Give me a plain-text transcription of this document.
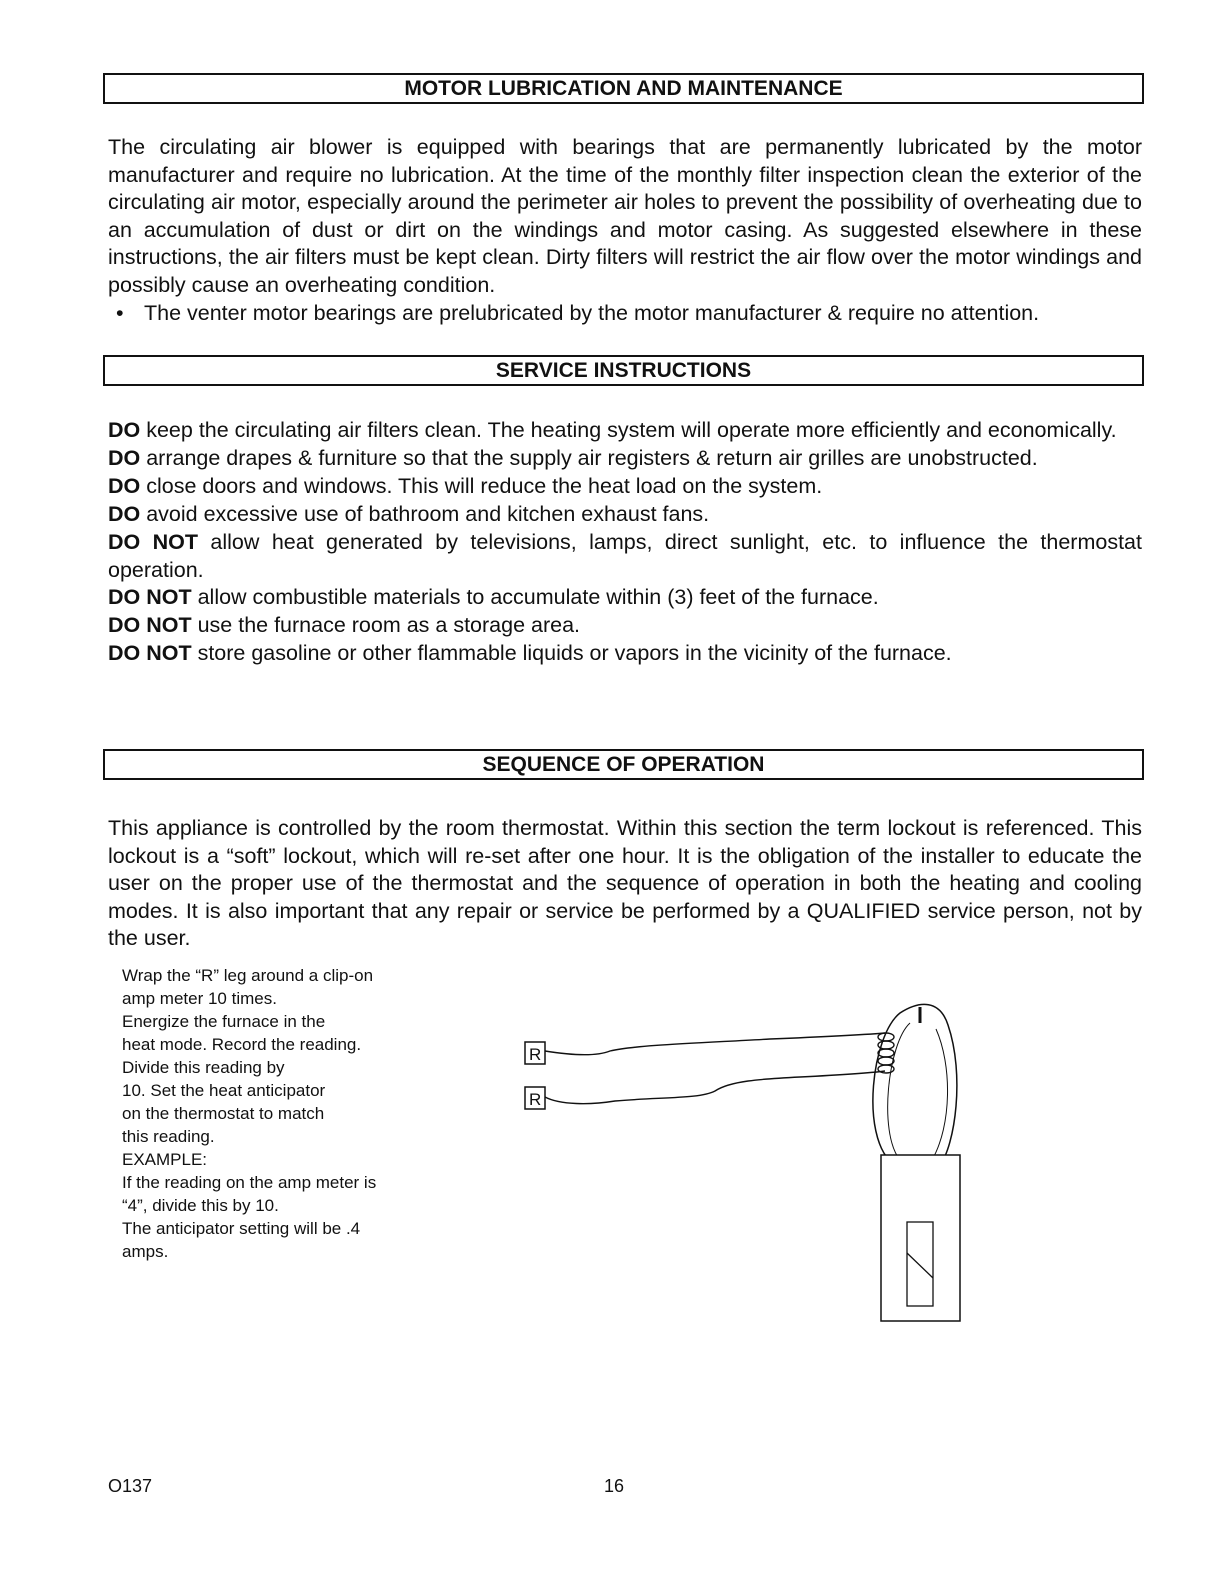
MOTOR LUBRICATION AND MAINTENANCE
The circulating air blower is equipped with bearings that are permanently lubricated by the motor manufacturer and require no lubrication. At the time of the monthly filter inspection clean the exterior of the circulating air motor, especially around the perimeter air holes to prevent the possibility of overheating due to an accumulation of dust or dirt on the windings and motor casing. As suggested elsewhere in these instructions, the air filters must be kept clean. Dirty filters will restrict the air flow over the motor windings and possibly cause an overheating condition.
• The venter motor bearings are prelubricated by the motor manufacturer & require no attention.
SERVICE INSTRUCTIONS
DO keep the circulating air filters clean. The heating system will operate more efficiently and economically.
DO arrange drapes & furniture so that the supply air registers & return air grilles are unobstructed.
DO close doors and windows. This will reduce the heat load on the system.
DO avoid excessive use of bathroom and kitchen exhaust fans.
DO NOT allow heat generated by televisions, lamps, direct sunlight, etc. to influence the thermostat operation.
DO NOT allow combustible materials to accumulate within (3) feet of the furnace.
DO NOT use the furnace room as a storage area.
DO NOT store gasoline or other flammable liquids or vapors in the vicinity of the furnace.
SEQUENCE OF OPERATION
This appliance is controlled by the room thermostat. Within this section the term lockout is referenced. This lockout is a “soft” lockout, which will re-set after one hour. It is the obligation of the installer to educate the user on the proper use of the thermostat and the sequence of operation in both the heating and cooling modes. It is also important that any repair or service be performed by a QUALIFIED service person, not by the user.
Wrap the “R” leg around a clip-on
amp meter 10 times.
Energize the furnace in the
heat mode. Record the reading.
Divide this reading by
10. Set the heat anticipator
on the thermostat to match
this reading.
EXAMPLE:
If the reading on the amp meter is
“4”, divide this by 10.
The anticipator setting will be .4
amps.
R
R
O137	16
